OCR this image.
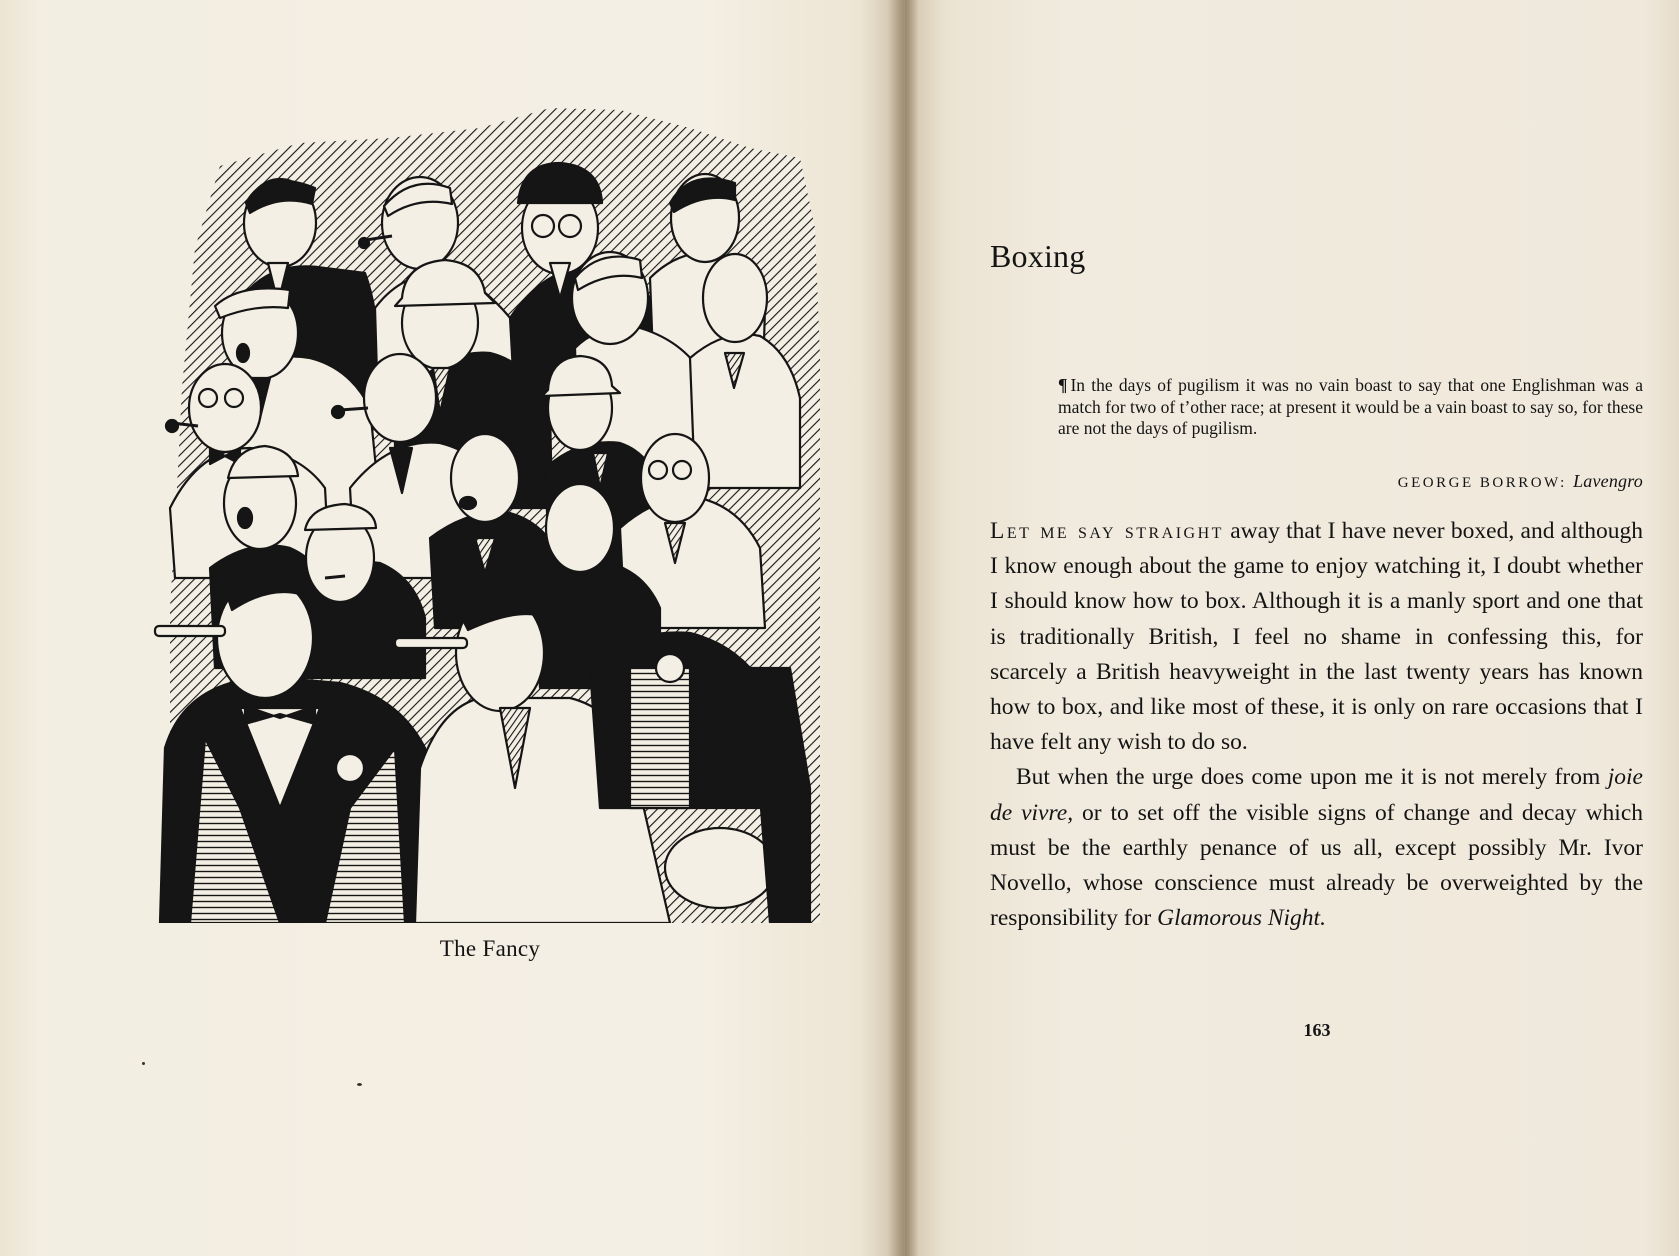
The Fancy
Boxing

¶ In the days of pugilism it was no vain boast to say that one Englishman was a match for two of t’other race; at present it would be a vain boast to say so, for these are not the days of pugilism.

GEORGE BORROW: Lavengro

Let me say straight away that I have never boxed, and although I know enough about the game to enjoy watching it, I doubt whether I should know how to box. Although it is a manly sport and one that is traditionally British, I feel no shame in confessing this, for scarcely a British heavyweight in the last twenty years has known how to box, and like most of these, it is only on rare occasions that I have felt any wish to do so.

But when the urge does come upon me it is not merely from joie de vivre, or to set off the visible signs of change and decay which must be the earthly penance of us all, except possibly Mr. Ivor Novello, whose conscience must already be overweighted by the responsibility for Glamorous Night.

163
